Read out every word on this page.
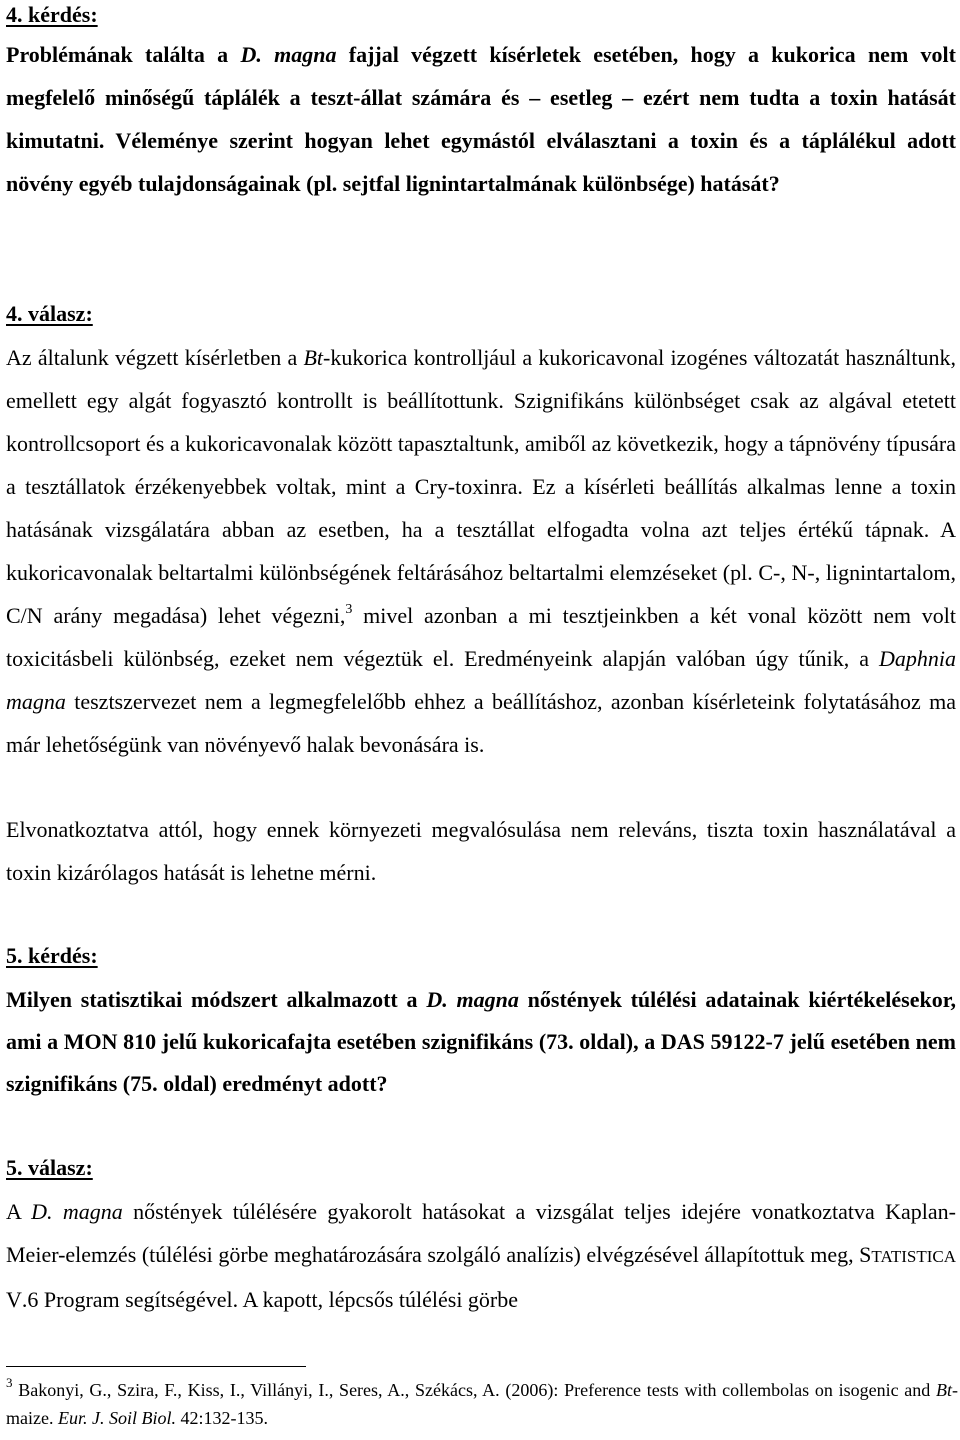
4. kérdés:

Problémának találta a D. magna fajjal végzett kísérletek esetében, hogy a kukorica nem volt megfelelő minőségű táplálék a teszt-állat számára és – esetleg – ezért nem tudta a toxin hatását kimutatni. Véleménye szerint hogyan lehet egymástól elválasztani a toxin és a táplálékul adott növény egyéb tulajdonságainak (pl. sejtfal lignintartalmának különbsége) hatását?

4. válasz:

Az általunk végzett kísérletben a Bt-kukorica kontrolljául a kukoricavonal izogénes változatát használtunk, emellett egy algát fogyasztó kontrollt is beállítottunk. Szignifikáns különbséget csak az algával etetett kontrollcsoport és a kukoricavonalak között tapasztaltunk, amiből az következik, hogy a tápnövény típusára a tesztállatok érzékenyebbek voltak, mint a Cry-toxinra. Ez a kísérleti beállítás alkalmas lenne a toxin hatásának vizsgálatára abban az esetben, ha a tesztállat elfogadta volna azt teljes értékű tápnak. A kukoricavonalak beltartalmi különbségének feltárásához beltartalmi elemzéseket (pl. C-, N-, lignintartalom, C/N arány megadása) lehet végezni,$^3$ mivel azonban a mi tesztjeinkben a két vonal között nem volt toxicitásbeli különbség, ezeket nem végeztük el. Eredményeink alapján valóban úgy tűnik, a Daphnia magna tesztszervezet nem a legmegfelelőbb ehhez a beállításhoz, azonban kísérleteink folytatásához ma már lehetőségünk van növényevő halak bevonására is.

Elvonatkoztatva attól, hogy ennek környezeti megvalósulása nem releváns, tiszta toxin használatával a toxin kizárólagos hatását is lehetne mérni.

5. kérdés:

Milyen statisztikai módszert alkalmazott a D. magna nőstények túlélési adatainak kiértékelésekor, ami a MON 810 jelű kukoricafajta esetében szignifikáns (73. oldal), a DAS 59122-7 jelű esetében nem szignifikáns (75. oldal) eredményt adott?

5. válasz:

A D. magna nőstények túlélésére gyakorolt hatásokat a vizsgálat teljes idejére vonatkoztatva Kaplan- Meier-elemzés (túlélési görbe meghatározására szolgáló analízis) elvégzésével állapítottuk meg, STATISTICA V.6 Program segítségével. A kapott, lépcsős túlélési görbe

$^3$ Bakonyi, G., Szira, F., Kiss, I., Villányi, I., Seres, A., Székács, A. (2006): Preference tests with collembolas on isogenic and Bt-maize. Eur. J. Soil Biol. 42:132-135.
